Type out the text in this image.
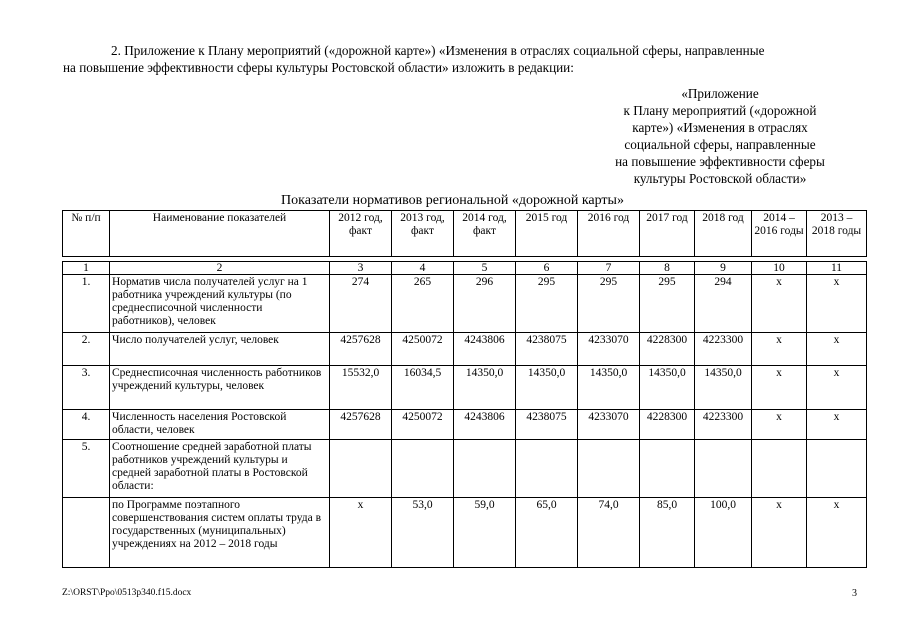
2. Приложение к Плану мероприятий («дорожной карте») «Изменения в отраслях социальной сферы, направленные
на повышение эффективности сферы культуры Ростовской области» изложить в редакции:
«Приложение
к Плану мероприятий («дорожной
карте») «Изменения в отраслях
социальной сферы, направленные
на повышение эффективности сферы
культуры Ростовской области»
Показатели нормативов региональной «дорожной карты»
№ п/п	Наименование показателей	2012 год, факт	2013 год, факт	2014 год, факт	2015 год	2016 год	2017 год	2018 год	2014 – 2016 годы	2013 – 2018 годы

1	2	3	4	5	6	7	8	9	10	11
1.	Норматив числа получателей услуг на 1 работника учреждений культуры (по среднесписочной численности работников), человек	274	265	296	295	295	295	294	х	х
2.	Число получателей услуг, человек	4257628	4250072	4243806	4238075	4233070	4228300	4223300	х	х
3.	Среднесписочная численность работников учреждений культуры, человек	15532,0	16034,5	14350,0	14350,0	14350,0	14350,0	14350,0	х	х
4.	Численность населения Ростовской области, человек	4257628	4250072	4243806	4238075	4233070	4228300	4223300	х	х
5.	Соотношение средней заработной платы работников учреждений культуры и средней заработной платы в Ростовской области:									
	по Программе поэтапного совершенствования систем оплаты труда в государственных (муниципальных) учреждениях на 2012 – 2018 годы	х	53,0	59,0	65,0	74,0	85,0	100,0	х	х
Z:\ORST\Ppo\0513p340.f15.docx	3
